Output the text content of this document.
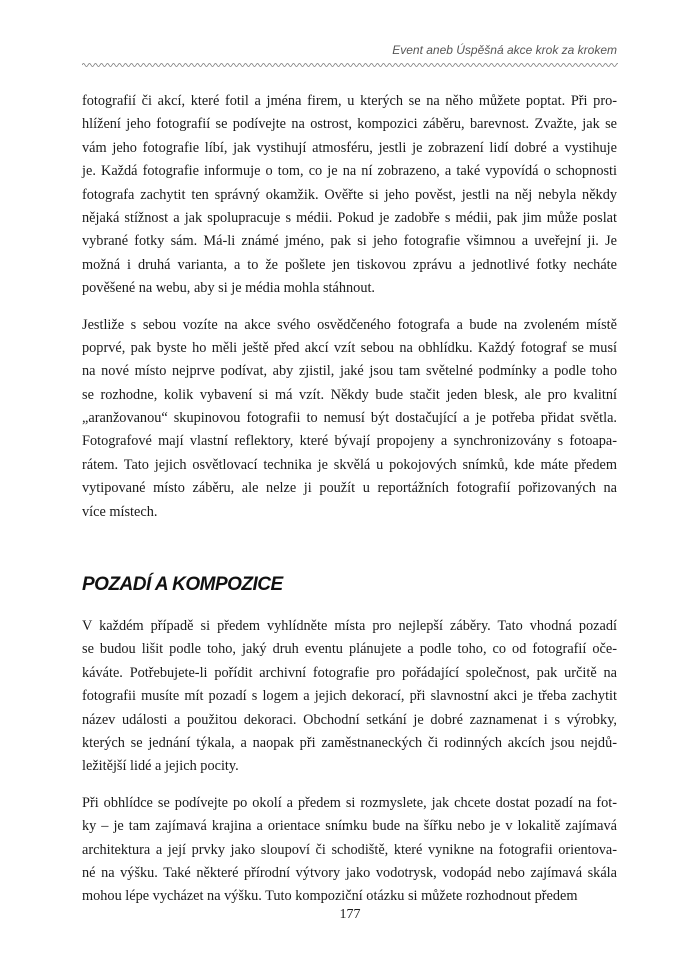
Event aneb Úspěšná akce krok za krokem
fotografií či akcí, které fotil a jména firem, u kterých se na něho můžete poptat. Při pro-
hlížení jeho fotografií se podívejte na ostrost, kompozici záběru, barevnost. Zvažte, jak se
vám jeho fotografie líbí, jak vystihují atmosféru, jestli je zobrazení lidí dobré a vystihuje
je. Každá fotografie informuje o tom, co je na ní zobrazeno, a také vypovídá o schopnosti
fotografa zachytit ten správný okamžik. Ověřte si jeho pověst, jestli na něj nebyla někdy
nějaká stížnost a jak spolupracuje s médii. Pokud je zadobře s médii, pak jim může poslat
vybrané fotky sám. Má-li známé jméno, pak si jeho fotografie všimnou a uveřejní ji. Je
možná i druhá varianta, a to že pošlete jen tiskovou zprávu a jednotlivé fotky necháte
pověšené na webu, aby si je média mohla stáhnout.
Jestliže s sebou vozíte na akce svého osvědčeného fotografa a bude na zvoleném místě
poprvé, pak byste ho měli ještě před akcí vzít sebou na obhlídku. Každý fotograf se musí
na nové místo nejprve podívat, aby zjistil, jaké jsou tam světelné podmínky a podle toho
se rozhodne, kolik vybavení si má vzít. Někdy bude stačit jeden blesk, ale pro kvalitní
„aranžovanou“ skupinovou fotografii to nemusí být dostačující a je potřeba přidat světla.
Fotografové mají vlastní reflektory, které bývají propojeny a synchronizovány s fotoapa-
rátem. Tato jejich osvětlovací technika je skvělá u pokojových snímků, kde máte předem
vytipované místo záběru, ale nelze ji použít u reportážních fotografií pořizovaných na
více místech.
POZADÍ A KOMPOZICE
V každém případě si předem vyhlídněte místa pro nejlepší záběry. Tato vhodná pozadí
se budou lišit podle toho, jaký druh eventu plánujete a podle toho, co od fotografií oče-
káváte. Potřebujete-li pořídit archivní fotografie pro pořádající společnost, pak určitě na
fotografii musíte mít pozadí s logem a jejich dekorací, při slavnostní akci je třeba zachytit
název události a použitou dekoraci. Obchodní setkání je dobré zaznamenat i s výrobky,
kterých se jednání týkala, a naopak při zaměstnaneckých či rodinných akcích jsou nejdů-
ležitější lidé a jejich pocity.
Při obhlídce se podívejte po okolí a předem si rozmyslete, jak chcete dostat pozadí na fot-
ky – je tam zajímavá krajina a orientace snímku bude na šířku nebo je v lokalitě zajímavá
architektura a její prvky jako sloupoví či schodiště, které vynikne na fotografii orientova-
né na výšku. Také některé přírodní výtvory jako vodotrysk, vodopád nebo zajímavá skála
mohou lépe vycházet na výšku. Tuto kompoziční otázku si můžete rozhodnout předem
177
